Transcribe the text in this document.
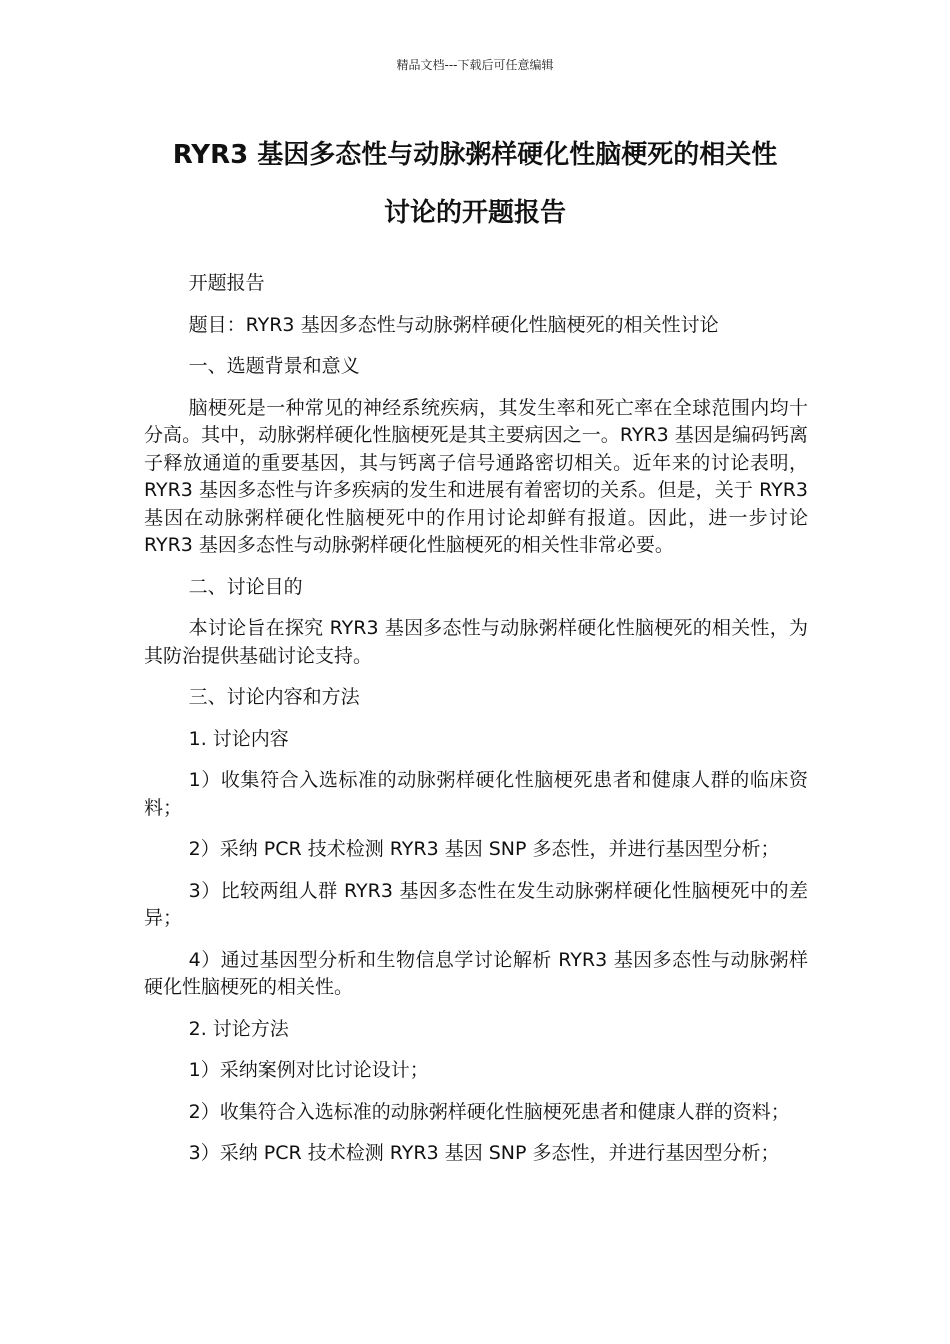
精品文档---下载后可任意编辑
RYR3 基因多态性与动脉粥样硬化性脑梗死的相关性
讨论的开题报告

开题报告

题目：RYR3 基因多态性与动脉粥样硬化性脑梗死的相关性讨论

一、选题背景和意义

脑梗死是一种常见的神经系统疾病，其发生率和死亡率在全球范围内均十分高。其中，动脉粥样硬化性脑梗死是其主要病因之一。RYR3 基因是编码钙离子释放通道的重要基因，其与钙离子信号通路密切相关。近年来的讨论表明，RYR3 基因多态性与许多疾病的发生和进展有着密切的关系。但是，关于 RYR3 基因在动脉粥样硬化性脑梗死中的作用讨论却鲜有报道。因此，进一步讨论 RYR3 基因多态性与动脉粥样硬化性脑梗死的相关性非常必要。

二、讨论目的

本讨论旨在探究 RYR3 基因多态性与动脉粥样硬化性脑梗死的相关性，为其防治提供基础讨论支持。

三、讨论内容和方法

1. 讨论内容

1）收集符合入选标准的动脉粥样硬化性脑梗死患者和健康人群的临床资料；

2）采纳 PCR 技术检测 RYR3 基因 SNP 多态性，并进行基因型分析；

3）比较两组人群 RYR3 基因多态性在发生动脉粥样硬化性脑梗死中的差异；

4）通过基因型分析和生物信息学讨论解析 RYR3 基因多态性与动脉粥样硬化性脑梗死的相关性。

2. 讨论方法

1）采纳案例对比讨论设计；

2）收集符合入选标准的动脉粥样硬化性脑梗死患者和健康人群的资料；

3）采纳 PCR 技术检测 RYR3 基因 SNP 多态性，并进行基因型分析；
